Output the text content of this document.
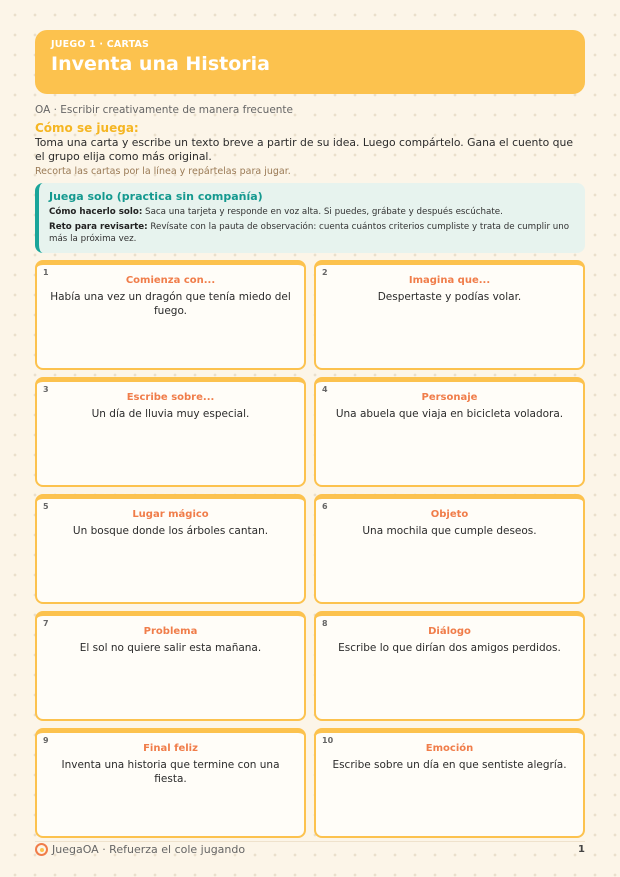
JUEGO 1 · CARTAS
Inventa una Historia
OA · Escribir creativamente de manera frecuente
Cómo se juega:
Toma una carta y escribe un texto breve a partir de su idea. Luego compártelo. Gana el cuento que el grupo elija como más original.
Recorta las cartas por la línea y repártelas para jugar.
Juega solo (practica sin compañía)
Cómo hacerlo solo: Saca una tarjeta y responde en voz alta. Si puedes, grábate y después escúchate.
Reto para revisarte: Revísate con la pauta de observación: cuenta cuántos criterios cumpliste y trata de cumplir uno más la próxima vez.
1
Comienza con...
Había una vez un dragón que tenía miedo del fuego.
2
Imagina que...
Despertaste y podías volar.
3
Escribe sobre...
Un día de lluvia muy especial.
4
Personaje
Una abuela que viaja en bicicleta voladora.
5
Lugar mágico
Un bosque donde los árboles cantan.
6
Objeto
Una mochila que cumple deseos.
7
Problema
El sol no quiere salir esta mañana.
8
Diálogo
Escribe lo que dirían dos amigos perdidos.
9
Final feliz
Inventa una historia que termine con una fiesta.
10
Emoción
Escribe sobre un día en que sentiste alegría.
JuegaOA · Refuerza el cole jugando	1
